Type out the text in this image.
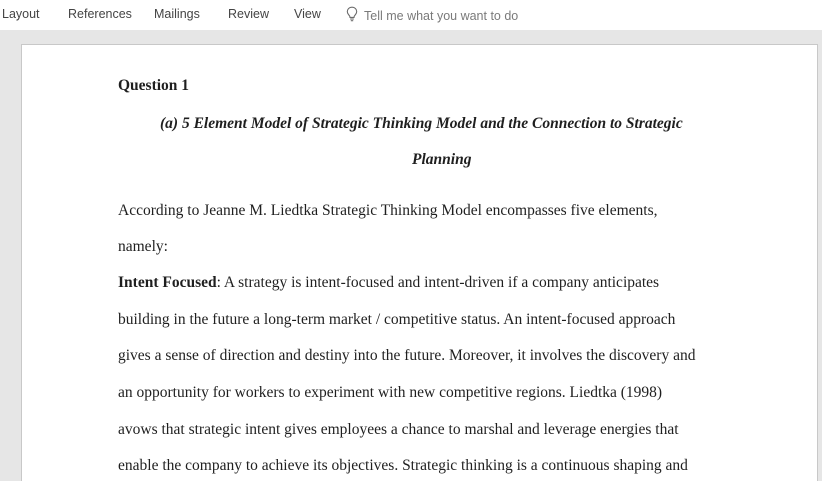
Layout References Mailings Review View	Tell me what you want to do
Question 1
(a) 5 Element Model of Strategic Thinking Model and the Connection to Strategic
Planning
According to Jeanne M. Liedtka Strategic Thinking Model encompasses five elements,
namely:
Intent Focused: A strategy is intent-focused and intent-driven if a company anticipates
building in the future a long-term market / competitive status. An intent-focused approach
gives a sense of direction and destiny into the future. Moreover, it involves the discovery and
an opportunity for workers to experiment with new competitive regions. Liedtka (1998)
avows that strategic intent gives employees a chance to marshal and leverage energies that
enable the company to achieve its objectives. Strategic thinking is a continuous shaping and
